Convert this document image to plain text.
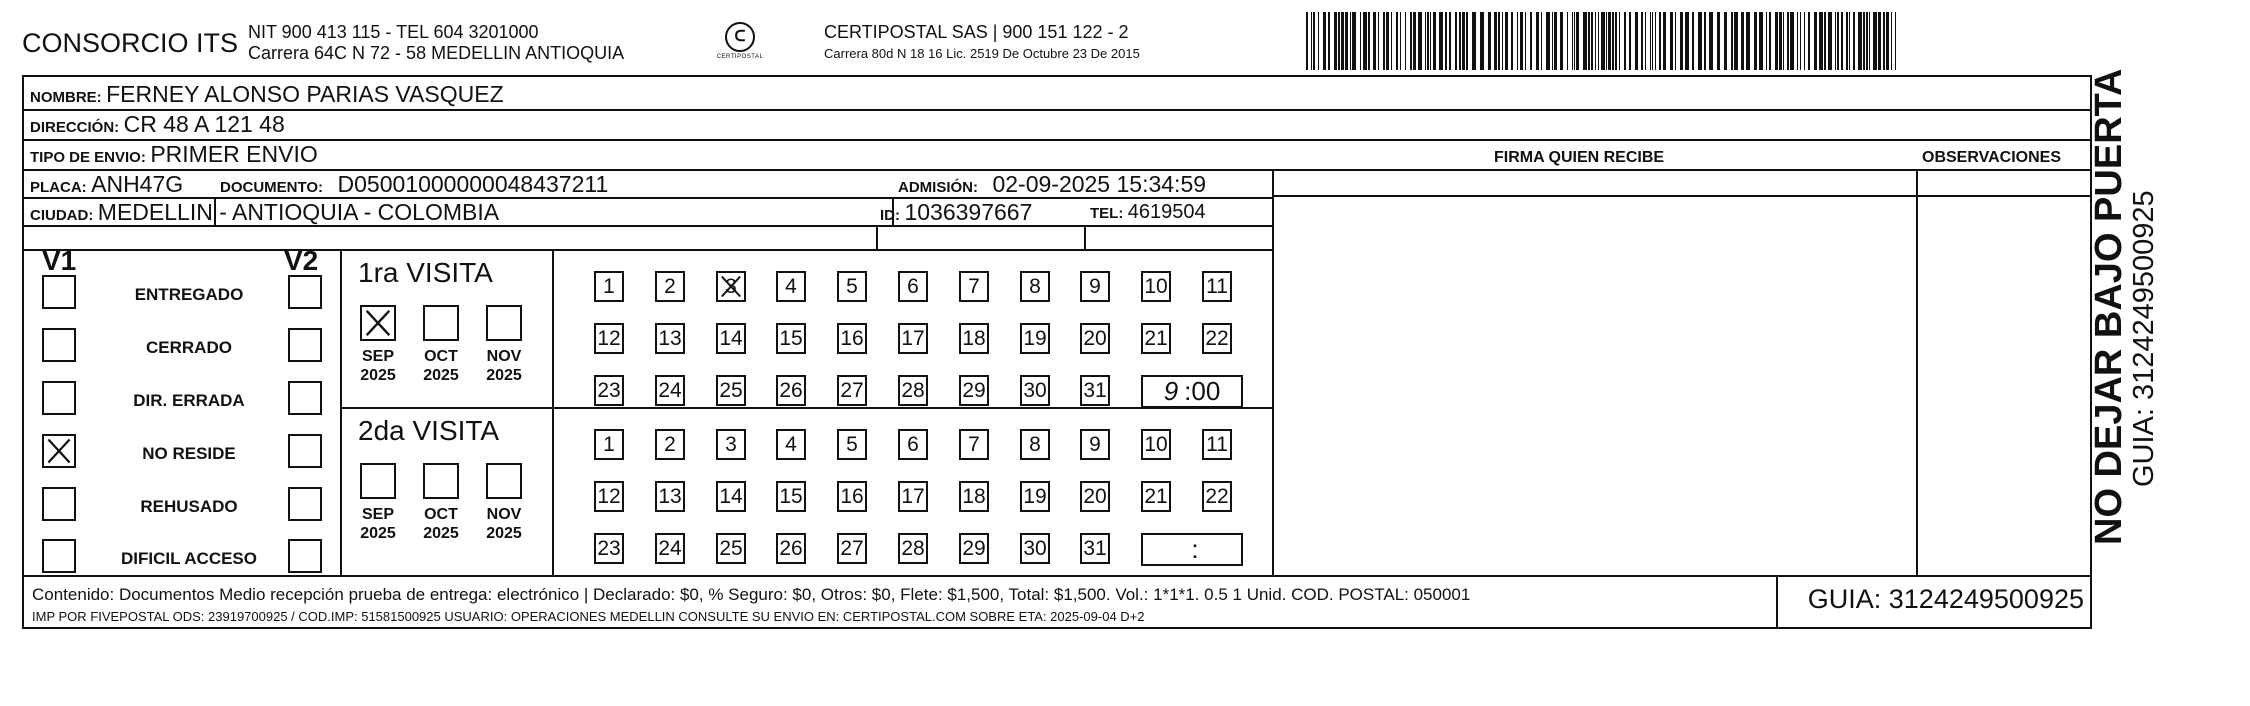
CONSORCIO ITS NIT 900 413 115 - TEL 604 3201000
Carrera 64C N 72 - 58 MEDELLIN ANTIOQUIA
ᑕ
CERTIPOSTAL
CERTIPOSTAL SAS | 900 151 122 - 2
Carrera 80d N 18 16 Lic. 2519 De Octubre 23 De 2015
NOMBRE: FERNEY ALONSO PARIAS VASQUEZ
DIRECCIÓN: CR 48 A 121 48
TIPO DE ENVIO: PRIMER ENVIO	FIRMA QUIEN RECIBE	OBSERVACIONES
PLACA: ANH47G DOCUMENTO: D05001000000048437211	ADMISIÓN: 02-09-2025 15:34:59
CIUDAD: MEDELLIN - ANTIOQUIA - COLOMBIA	ID: 1036397667	TEL: 4619504
V1	V2
ENTREGADO
CERRADO
DIR. ERRADA
NO RESIDE
REHUSADO
DIFICIL ACCESO
1ra VISITA
SEP
2025
OCT
2025
NOV
2025
1	2	3	4	5	6	7	8	9	10 11
12 13 14 15 16 17 18 19 20 21 22
23 24 25 26 27 28 29 30 31	9 :00
2da VISITA
SEP
2025
OCT
2025
NOV
2025
1	2	3	4	5	6	7	8	9	10 11
12 13 14 15 16 17 18 19 20 21 22
23 24 25 26 27 28 29 30 31	:
Contenido: Documentos Medio recepción prueba de entrega: electrónico | Declarado: $0, % Seguro: $0, Otros: $0, Flete: $1,500, Total: $1,500. Vol.: 1*1*1. 0.5 1 Unid. COD. POSTAL: 050001
IMP POR FIVEPOSTAL ODS: 23919700925 / COD.IMP: 51581500925 USUARIO: OPERACIONES MEDELLIN CONSULTE SU ENVIO EN: CERTIPOSTAL.COM SOBRE ETA: 2025-09-04 D+2
GUIA: 3124249500925
NO DEJAR BAJO PUERTA
GUIA: 3124249500925
